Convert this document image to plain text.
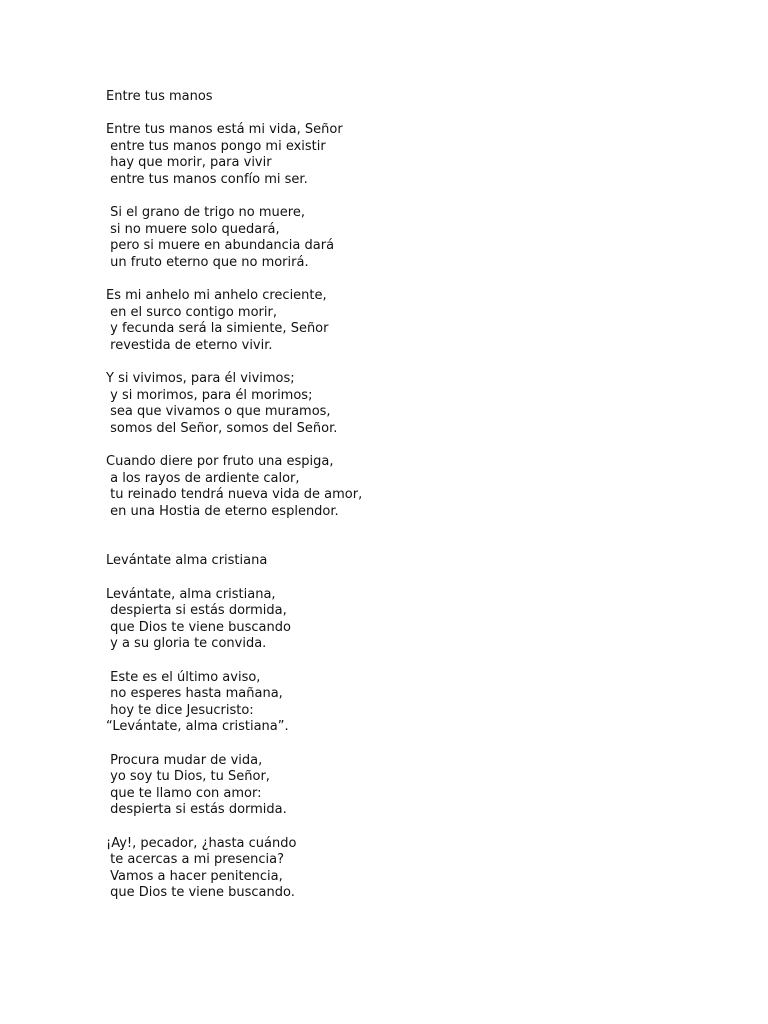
Entre tus manos

Entre tus manos está mi vida, Señor

entre tus manos pongo mi existir

hay que morir, para vivir

entre tus manos confío mi ser.

Si el grano de trigo no muere,

si no muere solo quedará,

pero si muere en abundancia dará

un fruto eterno que no morirá.

Es mi anhelo mi anhelo creciente,

en el surco contigo morir,

y fecunda será la simiente, Señor

revestida de eterno vivir.

Y si vivimos, para él vivimos;

y si morimos, para él morimos;

sea que vivamos o que muramos,

somos del Señor, somos del Señor.

Cuando diere por fruto una espiga,

a los rayos de ardiente calor,

tu reinado tendrá nueva vida de amor,

en una Hostia de eterno esplendor.

Levántate alma cristiana

Levántate, alma cristiana,

despierta si estás dormida,

que Dios te viene buscando

y a su gloria te convida.

Este es el último aviso,

no esperes hasta mañana,

hoy te dice Jesucristo:

“Levántate, alma cristiana”.

Procura mudar de vida,

yo soy tu Dios, tu Señor,

que te llamo con amor:

despierta si estás dormida.

¡Ay!, pecador, ¿hasta cuándo

te acercas a mi presencia?

Vamos a hacer penitencia,

que Dios te viene buscando.
